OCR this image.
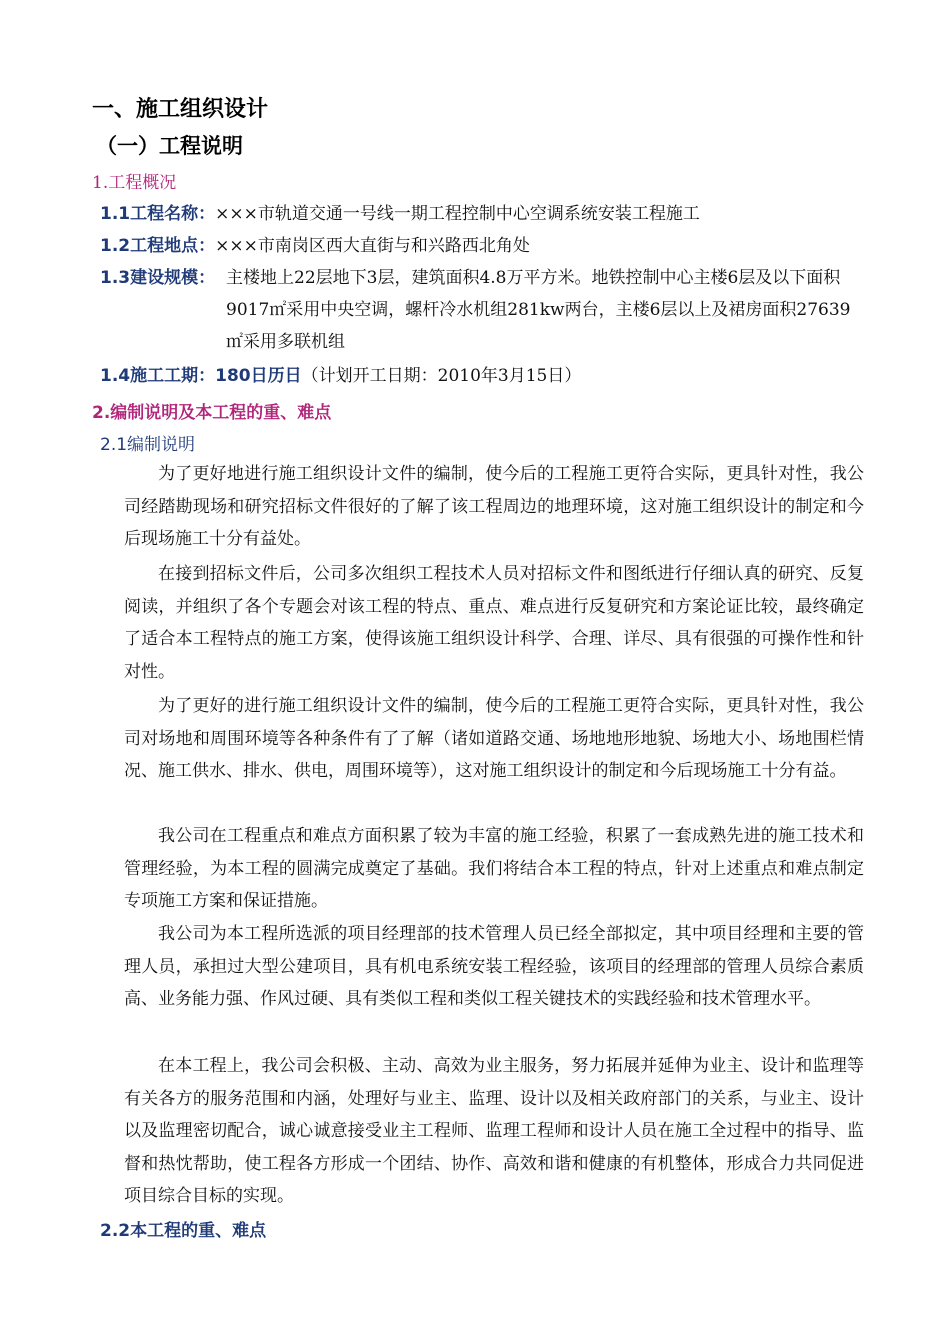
一、施工组织设计
（一）工程说明
1.工程概况
1.1工程名称：×××市轨道交通一号线一期工程控制中心空调系统安装工程施工
1.2工程地点：×××市南岗区西大直街与和兴路西北角处
1.3建设规模： 主楼地上22层地下3层，建筑面积4.8万平方米。地铁控制中心主楼6层及以下面积9017㎡采用中央空调，螺杆冷水机组281kw两台，主楼6层以上及裙房面积27639㎡采用多联机组
1.4施工工期：180日历日（计划开工日期：2010年3月15日）
2.编制说明及本工程的重、难点
2.1编制说明

为了更好地进行施工组织设计文件的编制，使今后的工程施工更符合实际，更具针对性，我公司经踏勘现场和研究招标文件很好的了解了该工程周边的地理环境，这对施工组织设计的制定和今后现场施工十分有益处。

在接到招标文件后，公司多次组织工程技术人员对招标文件和图纸进行仔细认真的研究、反复阅读，并组织了各个专题会对该工程的特点、重点、难点进行反复研究和方案论证比较，最终确定了适合本工程特点的施工方案，使得该施工组织设计科学、合理、详尽、具有很强的可操作性和针对性。

为了更好的进行施工组织设计文件的编制，使今后的工程施工更符合实际，更具针对性，我公司对场地和周围环境等各种条件有了了解（诸如道路交通、场地地形地貌、场地大小、场地围栏情况、施工供水、排水、供电，周围环境等），这对施工组织设计的制定和今后现场施工十分有益。

我公司在工程重点和难点方面积累了较为丰富的施工经验，积累了一套成熟先进的施工技术和管理经验，为本工程的圆满完成奠定了基础。我们将结合本工程的特点，针对上述重点和难点制定专项施工方案和保证措施。

我公司为本工程所选派的项目经理部的技术管理人员已经全部拟定，其中项目经理和主要的管理人员，承担过大型公建项目，具有机电系统安装工程经验，该项目的经理部的管理人员综合素质高、业务能力强、作风过硬、具有类似工程和类似工程关键技术的实践经验和技术管理水平。

在本工程上，我公司会积极、主动、高效为业主服务，努力拓展并延伸为业主、设计和监理等有关各方的服务范围和内涵，处理好与业主、监理、设计以及相关政府部门的关系，与业主、设计以及监理密切配合，诚心诚意接受业主工程师、监理工程师和设计人员在施工全过程中的指导、监督和热忱帮助，使工程各方形成一个团结、协作、高效和谐和健康的有机整体，形成合力共同促进项目综合目标的实现。

2.2本工程的重、难点
